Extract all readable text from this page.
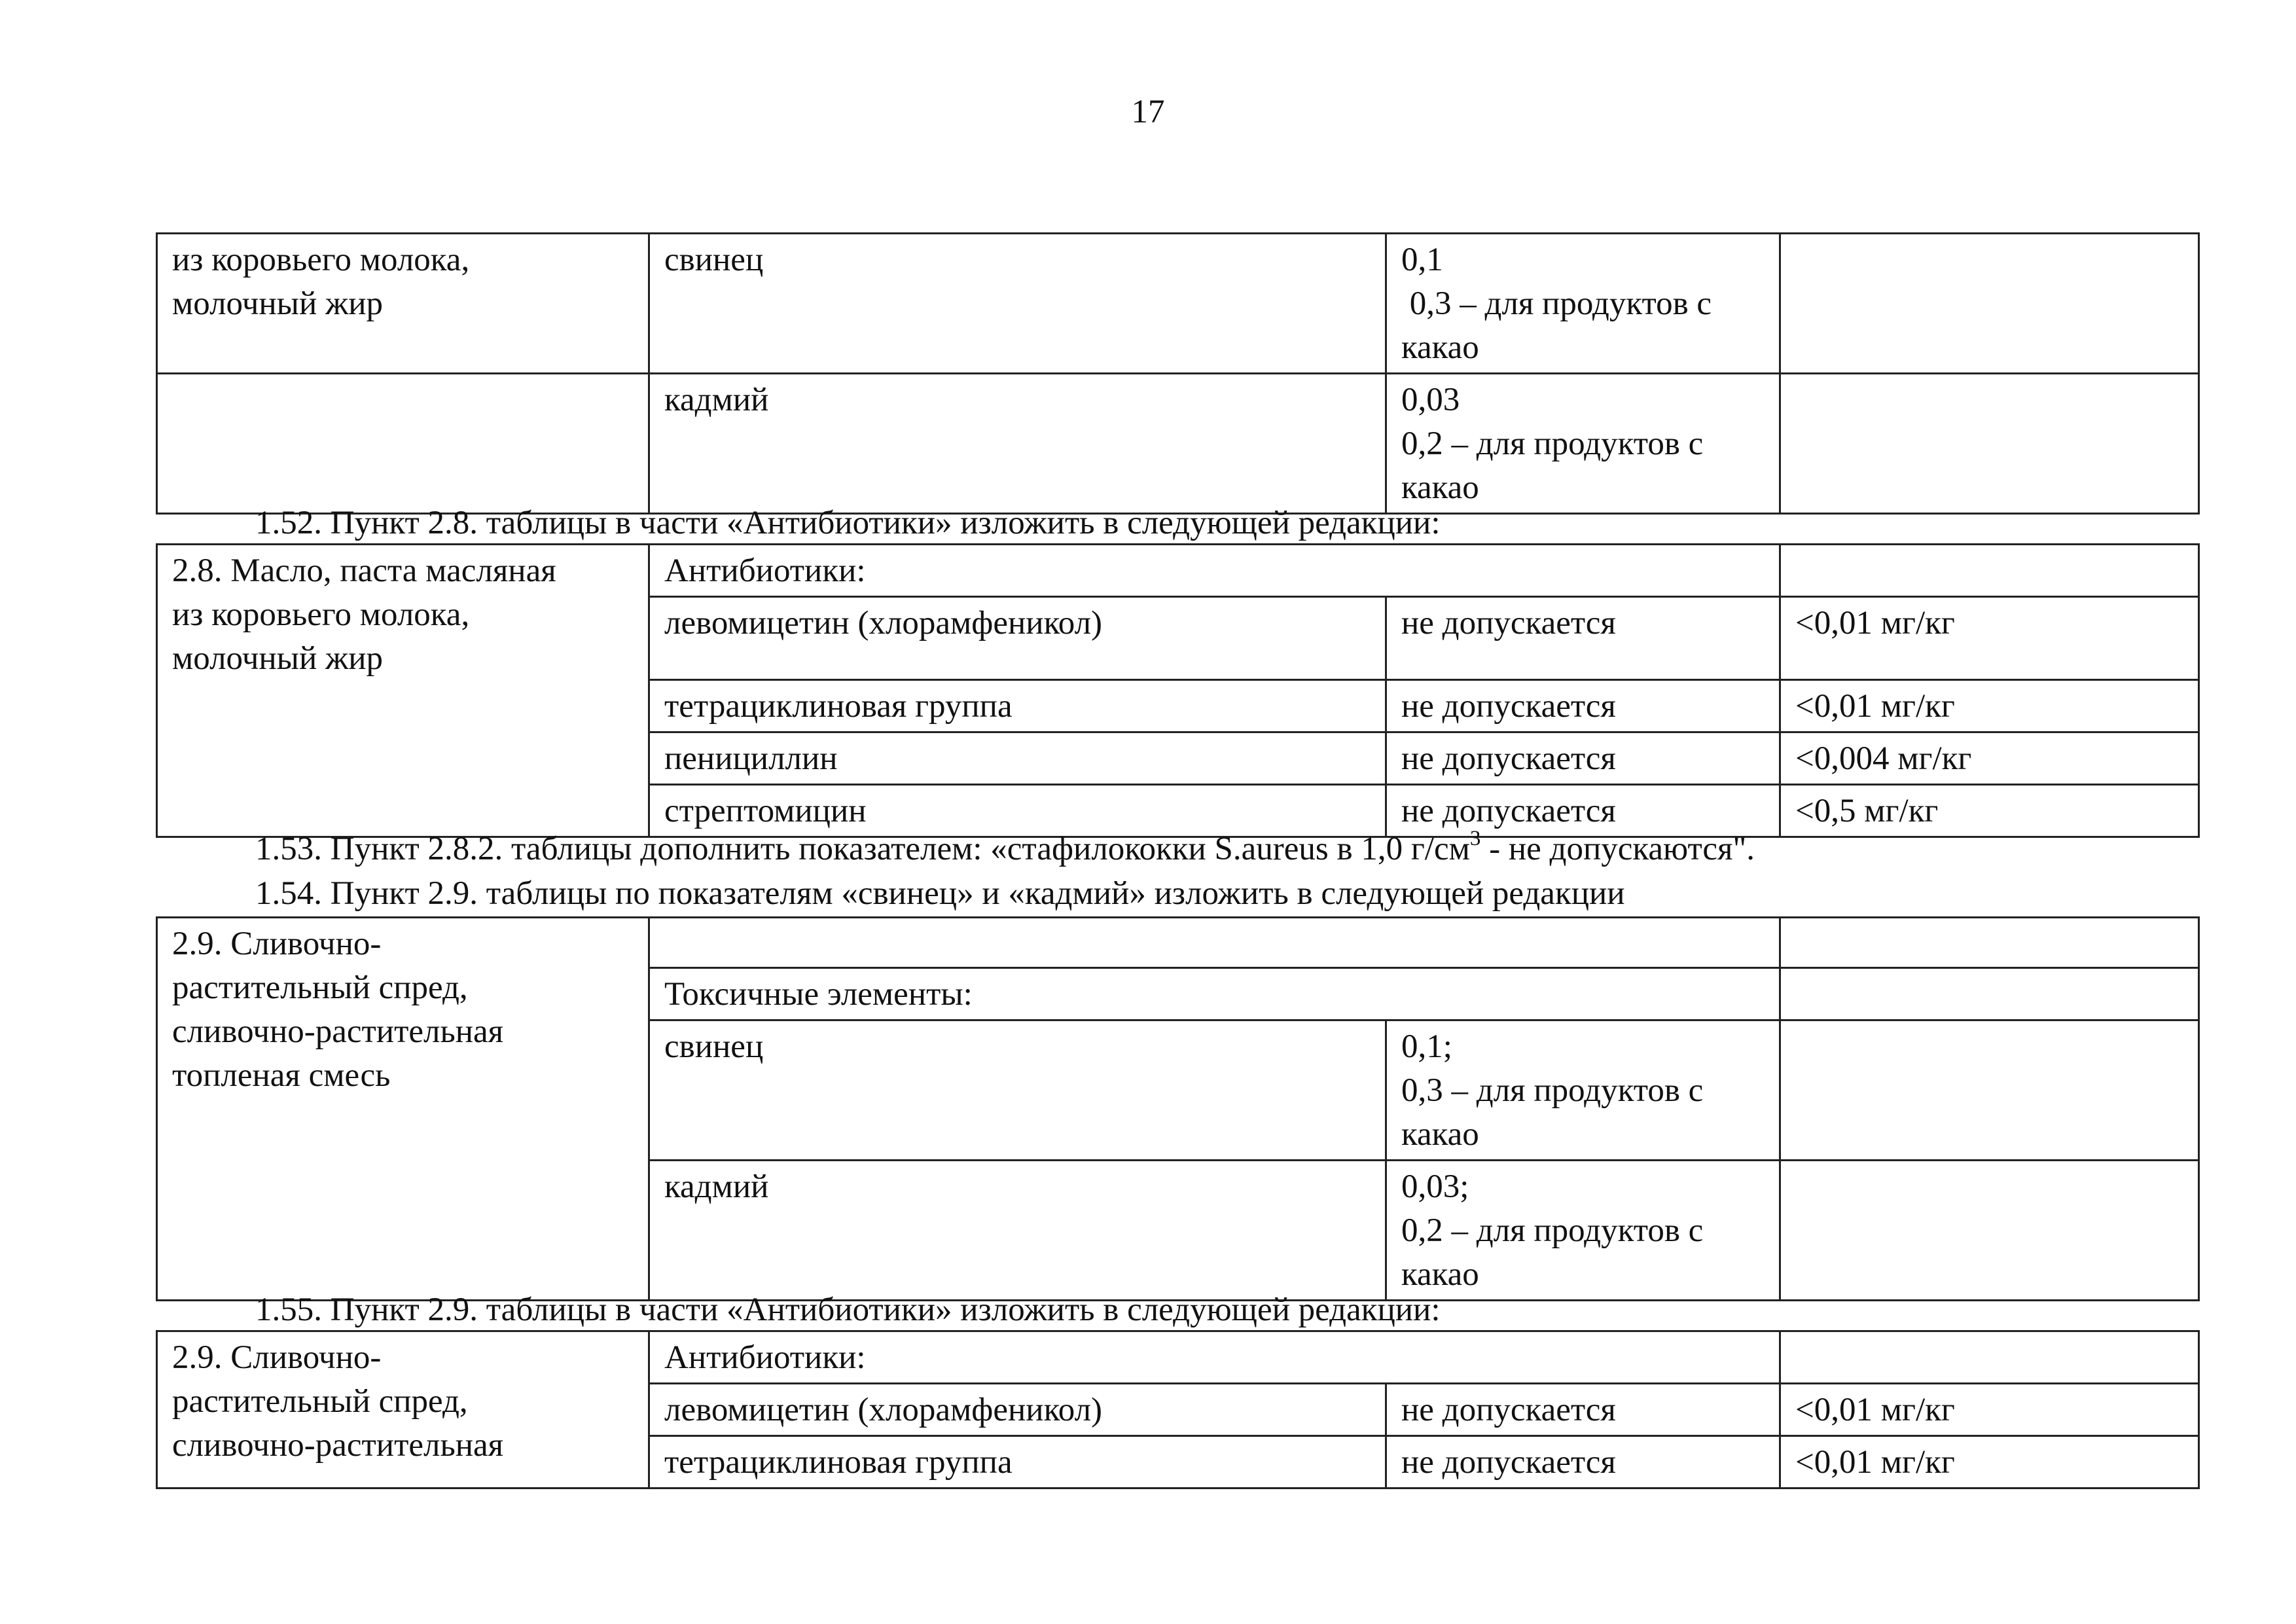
17

из коровьего молока,
молочный жир	свинец	0,1
0,3 – для продуктов с
какао	

	кадмий	0,03
0,2 – для продуктов с
какао	

1.52. Пункт 2.8. таблицы в части «Антибиотики» изложить в следующей редакции:

2.8. Масло, паста масляная
из коровьего молока,
молочный жир	Антибиотики:		
	левомицетин (хлорамфеникол)	не допускается	<0,01 мг/кг
	тетрациклиновая группа	не допускается	<0,01 мг/кг
	пенициллин	не допускается	<0,004 мг/кг
	стрептомицин	не допускается	<0,5 мг/кг

1.53. Пункт 2.8.2. таблицы дополнить показателем: «стафилококки S.aureus в 1,0 $г/см^3$ - не допускаются".

1.54. Пункт 2.9. таблицы по показателям «свинец» и «кадмий» изложить в следующей редакции

2.9. Сливочно-
растительный спред,
сливочно-растительная
топленая смесь			

	Токсичные элементы:		
	свинец	0,1;
0,3 – для продуктов с
какао	

	кадмий	0,03;
0,2 – для продуктов с
какао	

1.55. Пункт 2.9. таблицы в части «Антибиотики» изложить в следующей редакции:

2.9. Сливочно-
растительный спред,
сливочно-растительная	Антибиотики:		
	левомицетин (хлорамфеникол)	не допускается	<0,01 мг/кг
	тетрациклиновая группа	не допускается	<0,01 мг/кг
